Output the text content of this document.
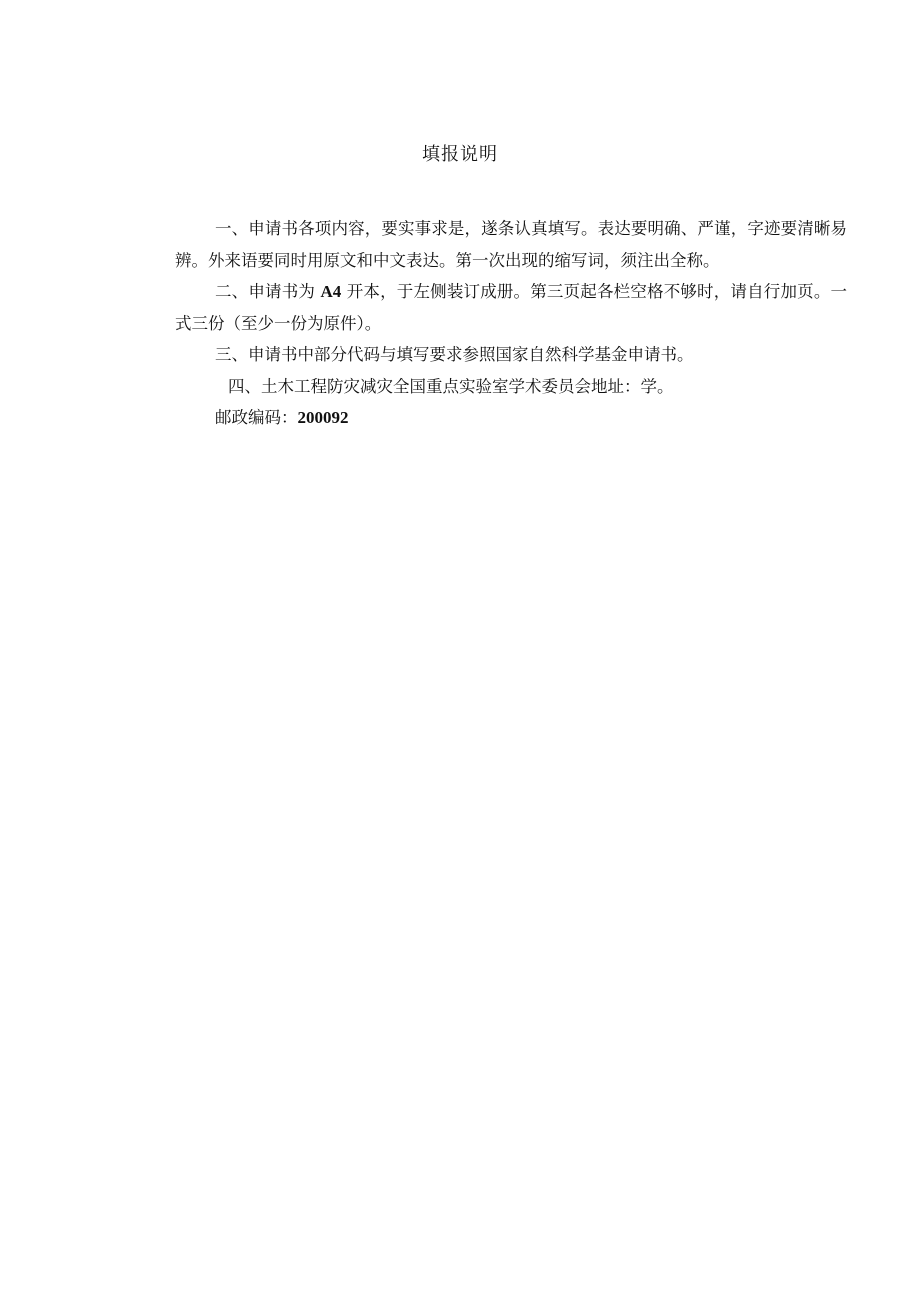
填报说明

一、申请书各项内容，要实事求是，遂条认真填写。表达要明确、严谨，字迹要清晰易辨。外来语要同时用原文和中文表达。第一次出现的缩写词，须注出全称。

二、申请书为 A4 开本，于左侧装订成册。第三页起各栏空格不够时，请自行加页。一式三份（至少一份为原件）。

三、申请书中部分代码与填写要求参照国家自然科学基金申请书。

四、土木工程防灾减灾全国重点实验室学术委员会地址：学。

邮政编码：200092
